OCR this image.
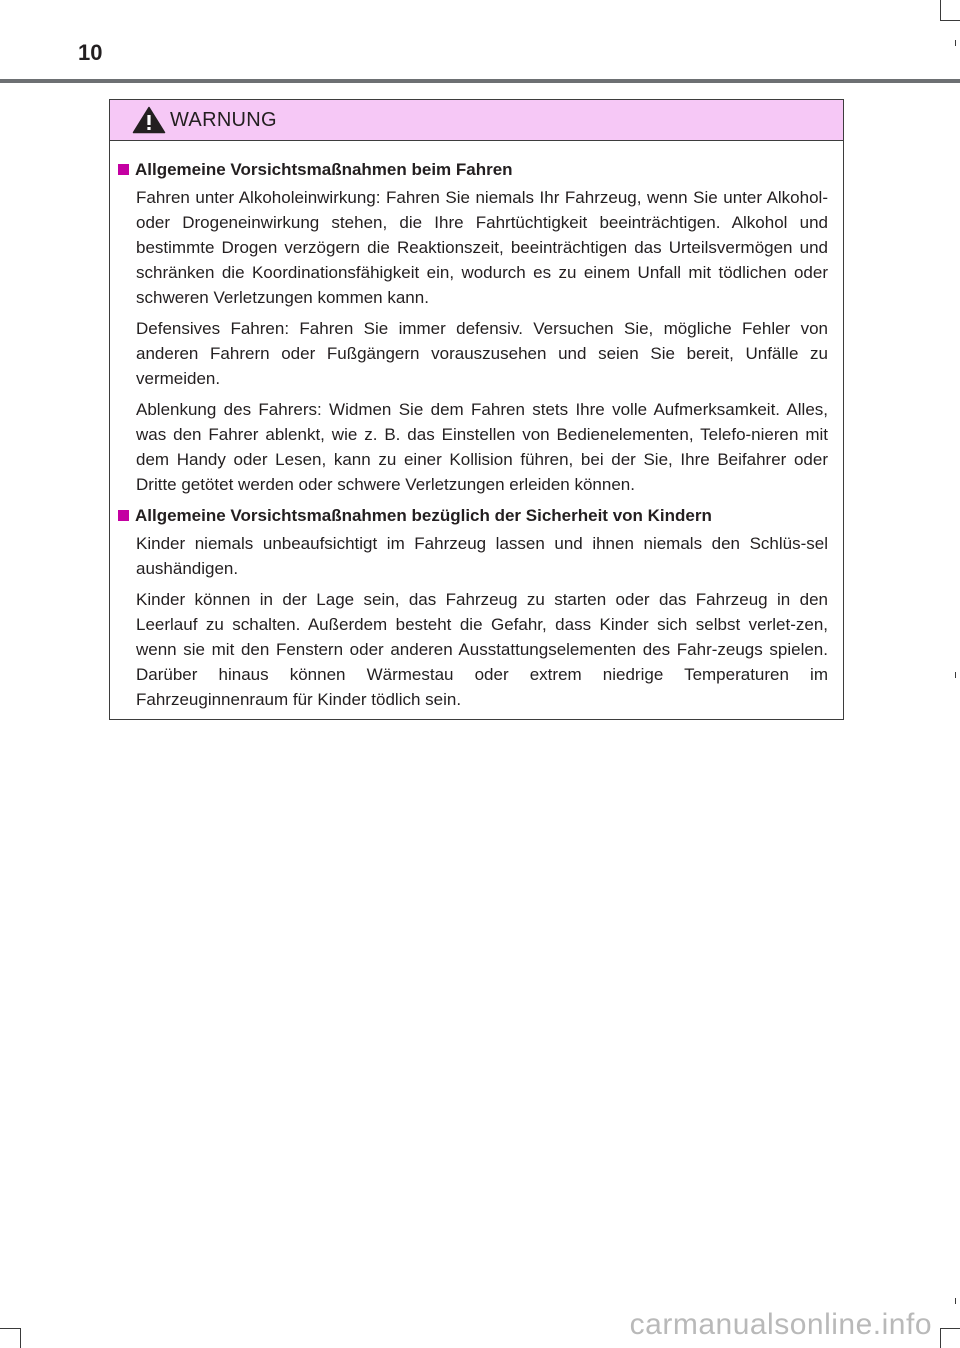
10
WARNUNG
Allgemeine Vorsichtsmaßnahmen beim Fahren

Fahren unter Alkoholeinwirkung: Fahren Sie niemals Ihr Fahrzeug, wenn Sie unter Alkohol- oder Drogeneinwirkung stehen, die Ihre Fahrtüchtigkeit beeinträchtigen. Alkohol und bestimmte Drogen verzögern die Reaktionszeit, beeinträchtigen das Urteilsvermögen und schränken die Koordinationsfähigkeit ein, wodurch es zu einem Unfall mit tödlichen oder schweren Verletzungen kommen kann.

Defensives Fahren: Fahren Sie immer defensiv. Versuchen Sie, mögliche Fehler von anderen Fahrern oder Fußgängern vorauszusehen und seien Sie bereit, Unfälle zu vermeiden.

Ablenkung des Fahrers: Widmen Sie dem Fahren stets Ihre volle Aufmerksamkeit. Alles, was den Fahrer ablenkt, wie z. B. das Einstellen von Bedienelementen, Telefo-nieren mit dem Handy oder Lesen, kann zu einer Kollision führen, bei der Sie, Ihre Beifahrer oder Dritte getötet werden oder schwere Verletzungen erleiden können.

Allgemeine Vorsichtsmaßnahmen bezüglich der Sicherheit von Kindern

Kinder niemals unbeaufsichtigt im Fahrzeug lassen und ihnen niemals den Schlüs-sel aushändigen.

Kinder können in der Lage sein, das Fahrzeug zu starten oder das Fahrzeug in den Leerlauf zu schalten. Außerdem besteht die Gefahr, dass Kinder sich selbst verlet-zen, wenn sie mit den Fenstern oder anderen Ausstattungselementen des Fahr-zeugs spielen. Darüber hinaus können Wärmestau oder extrem niedrige Temperaturen im Fahrzeuginnenraum für Kinder tödlich sein.

carmanualsonline.info
